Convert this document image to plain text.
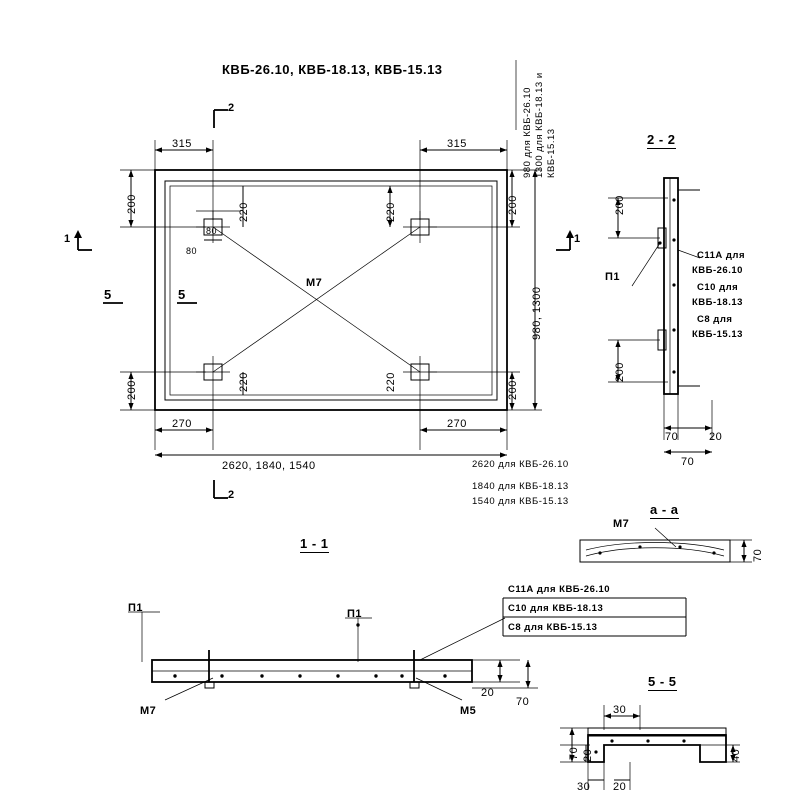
КВБ-26.10, КВБ-18.13, КВБ-15.13
980 для КВБ-26.10 1300 для КВБ-18.13 и КВБ-15.13
2
2
1	1
5	5
315	315
200
200
200
200
220
220
220
220
80
80
980, 1300
270	270
2620, 1840, 1540
М7
2620 для КВБ-26.10
1840 для КВБ-18.13
1540 для КВБ-15.13
2 - 2
200
200
П1
С11А для
КВБ-26.10
С10 для
КВБ-18.13
С8 для
КВБ-15.13
70	20
70
1 - 1
П1	П1
М7	М5
20
70
С11А для КВБ-26.10
С10 для КВБ-18.13
С8 для КВБ-15.13
а - а
М7
70
5 - 5
30
70 20	40
30 20
